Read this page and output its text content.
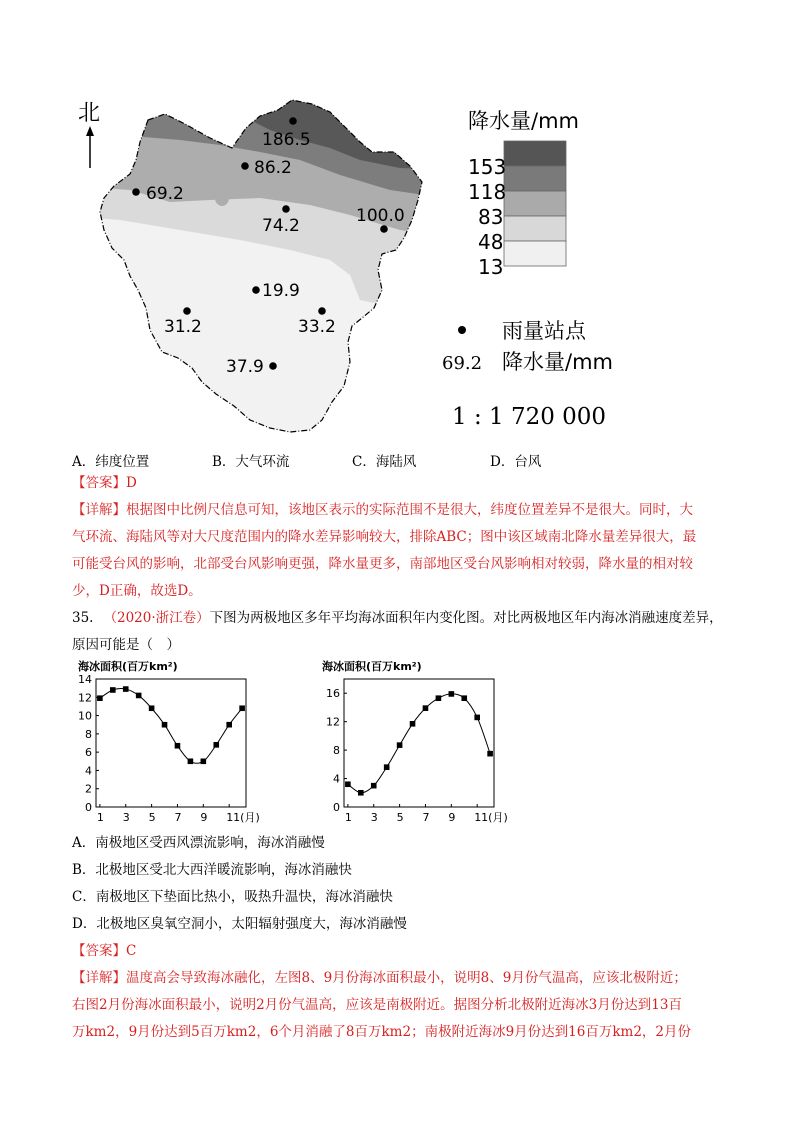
北
186.5
86.2
69.2
74.2	100.0
19.9
31.2	33.2
37.9
降水量/mm
153
118
83
48
13
雨量站点
69.2 降水量/mm
1 : 1 720 000
A．纬度位置	B．大气环流	C．海陆风	D．台风
【答案】D
【详解】根据图中比例尺信息可知，该地区表示的实际范围不是很大，纬度位置差异不是很大。同时，大
气环流、海陆风等对大尺度范围内的降水差异影响较大，排除ABC；图中该区域南北降水量差异很大，最
可能受台风的影响，北部受台风影响更强，降水量更多，南部地区受台风影响相对较弱，降水量的相对较
少，D正确，故选D。
35. （2020·浙江卷）下图为两极地区多年平均海冰面积年内变化图。对比两极地区年内海冰消融速度差异，
原因可能是（　）
海冰面积(百万km²)
0
2
4
6
8
10
12
14
1 3 5 7 9 11(月)
海冰面积(百万km²)
0
4
8
12
16
1 3 5 7 9 11(月)
A．南极地区受西风漂流影响，海冰消融慢
B．北极地区受北大西洋暖流影响，海冰消融快
C．南极地区下垫面比热小，吸热升温快，海冰消融快
D．北极地区臭氧空洞小，太阳辐射强度大，海冰消融慢
【答案】C
【详解】温度高会导致海冰融化，左图8、9月份海冰面积最小，说明8、9月份气温高，应该北极附近；
右图2月份海冰面积最小，说明2月份气温高，应该是南极附近。据图分析北极附近海冰3月份达到13百
万km2，9月份达到5百万km2，6个月消融了8百万km2；南极附近海冰9月份达到16百万km2，2月份
